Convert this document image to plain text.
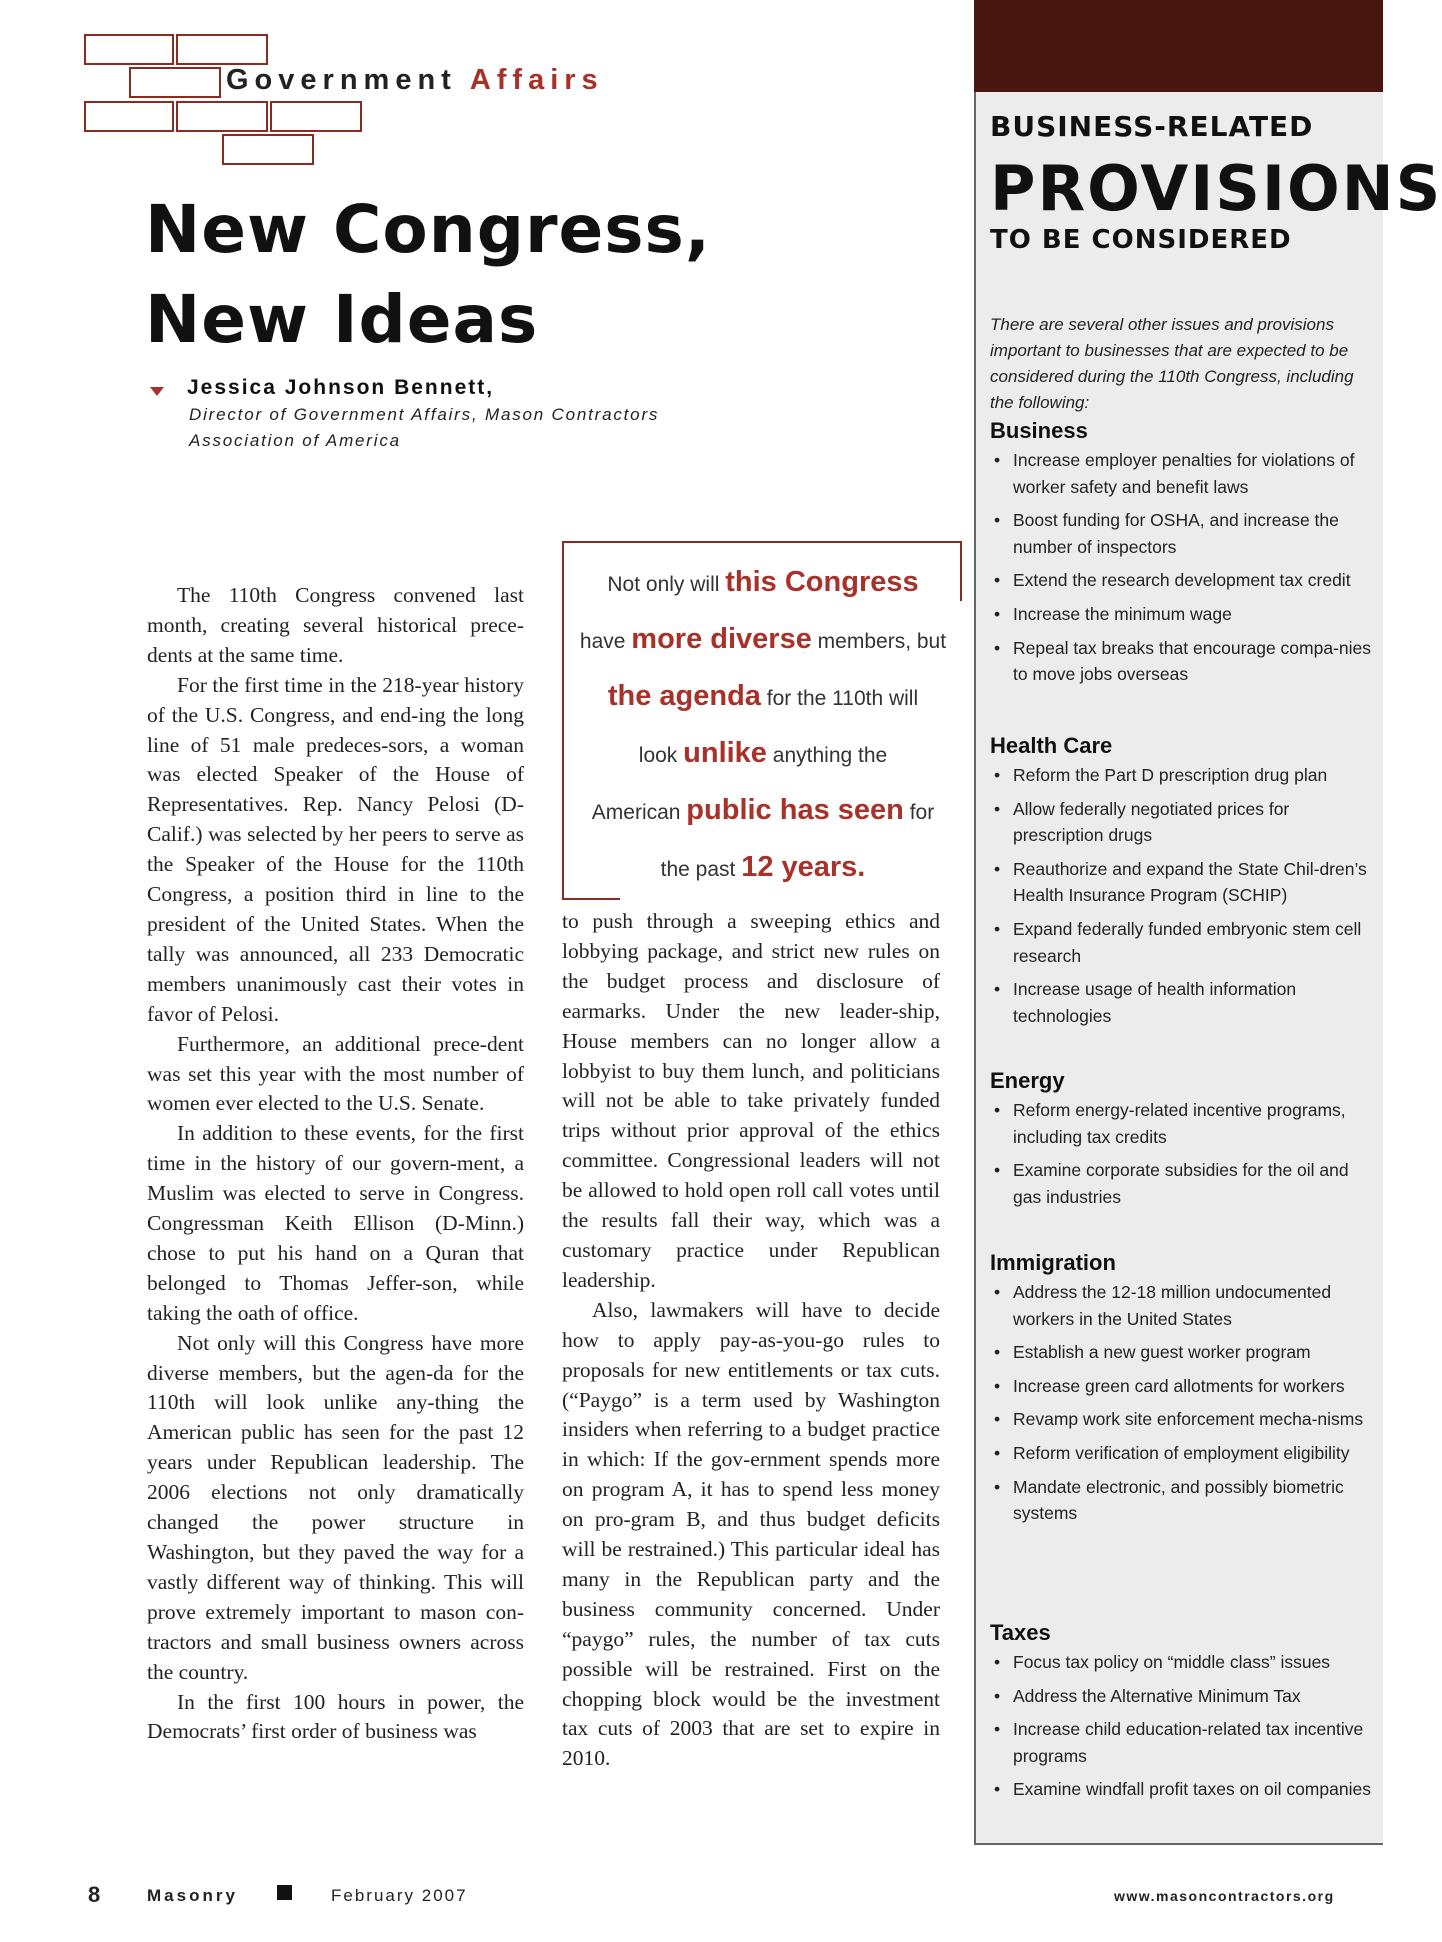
Government Affairs
New Congress,
New Ideas
Jessica Johnson Bennett,
Director of Government Affairs, Mason Contractors Association of America

The 110th Congress convened last month, creating several historical prece-dents at the same time.

For the first time in the 218-year history of the U.S. Congress, and end-ing the long line of 51 male predeces-sors, a woman was elected Speaker of the House of Representatives. Rep. Nancy Pelosi (D-Calif.) was selected by her peers to serve as the Speaker of the House for the 110th Congress, a position third in line to the president of the United States. When the tally was announced, all 233 Democratic members unanimously cast their votes in favor of Pelosi.

Furthermore, an additional prece-dent was set this year with the most number of women ever elected to the U.S. Senate.

In addition to these events, for the first time in the history of our govern-ment, a Muslim was elected to serve in Congress. Congressman Keith Ellison (D-Minn.) chose to put his hand on a Quran that belonged to Thomas Jeffer-son, while taking the oath of office.

Not only will this Congress have more diverse members, but the agen-da for the 110th will look unlike any-thing the American public has seen for the past 12 years under Republican leadership. The 2006 elections not only dramatically changed the power structure in Washington, but they paved the way for a vastly different way of thinking. This will prove extremely important to mason con-tractors and small business owners across the country.

In the first 100 hours in power, the Democrats’ first order of business was

Not only will this Congress
have more diverse members, but
the agenda for the 110th will
look unlike anything the
American public has seen for
the past 12 years.

to push through a sweeping ethics and lobbying package, and strict new rules on the budget process and disclosure of earmarks. Under the new leader-ship, House members can no longer allow a lobbyist to buy them lunch, and politicians will not be able to take privately funded trips without prior approval of the ethics committee. Congressional leaders will not be allowed to hold open roll call votes until the results fall their way, which was a customary practice under Republican leadership.

Also, lawmakers will have to decide how to apply pay-as-you-go rules to proposals for new entitlements or tax cuts. (“Paygo” is a term used by Washington insiders when referring to a budget practice in which: If the gov-ernment spends more on program A, it has to spend less money on pro-gram B, and thus budget deficits will be restrained.) This particular ideal has many in the Republican party and the business community concerned. Under “paygo” rules, the number of tax cuts possible will be restrained. First on the chopping block would be the investment tax cuts of 2003 that are set to expire in 2010.

BUSINESS-RELATED
PROVISIONS
TO BE CONSIDERED
There are several other issues and provisions important to businesses that are expected to be considered during the 110th Congress, including the following:
Business
• Increase employer penalties for violations of worker safety and benefit laws
• Boost funding for OSHA, and increase the number of inspectors
• Extend the research development tax credit
• Increase the minimum wage
• Repeal tax breaks that encourage compa-nies to move jobs overseas
Health Care
• Reform the Part D prescription drug plan
• Allow federally negotiated prices for prescription drugs
• Reauthorize and expand the State Chil-dren’s Health Insurance Program (SCHIP)
• Expand federally funded embryonic stem cell research
• Increase usage of health information technologies
Energy
• Reform energy-related incentive programs, including tax credits
• Examine corporate subsidies for the oil and gas industries
Immigration
• Address the 12-18 million undocumented workers in the United States
• Establish a new guest worker program
• Increase green card allotments for workers
• Revamp work site enforcement mecha-nisms
• Reform verification of employment eligibility
• Mandate electronic, and possibly biometric systems
Taxes
• Focus tax policy on “middle class” issues
• Address the Alternative Minimum Tax
• Increase child education-related tax incentive programs
• Examine windfall profit taxes on oil companies
8	Masonry	February 2007	www.masoncontractors.org
